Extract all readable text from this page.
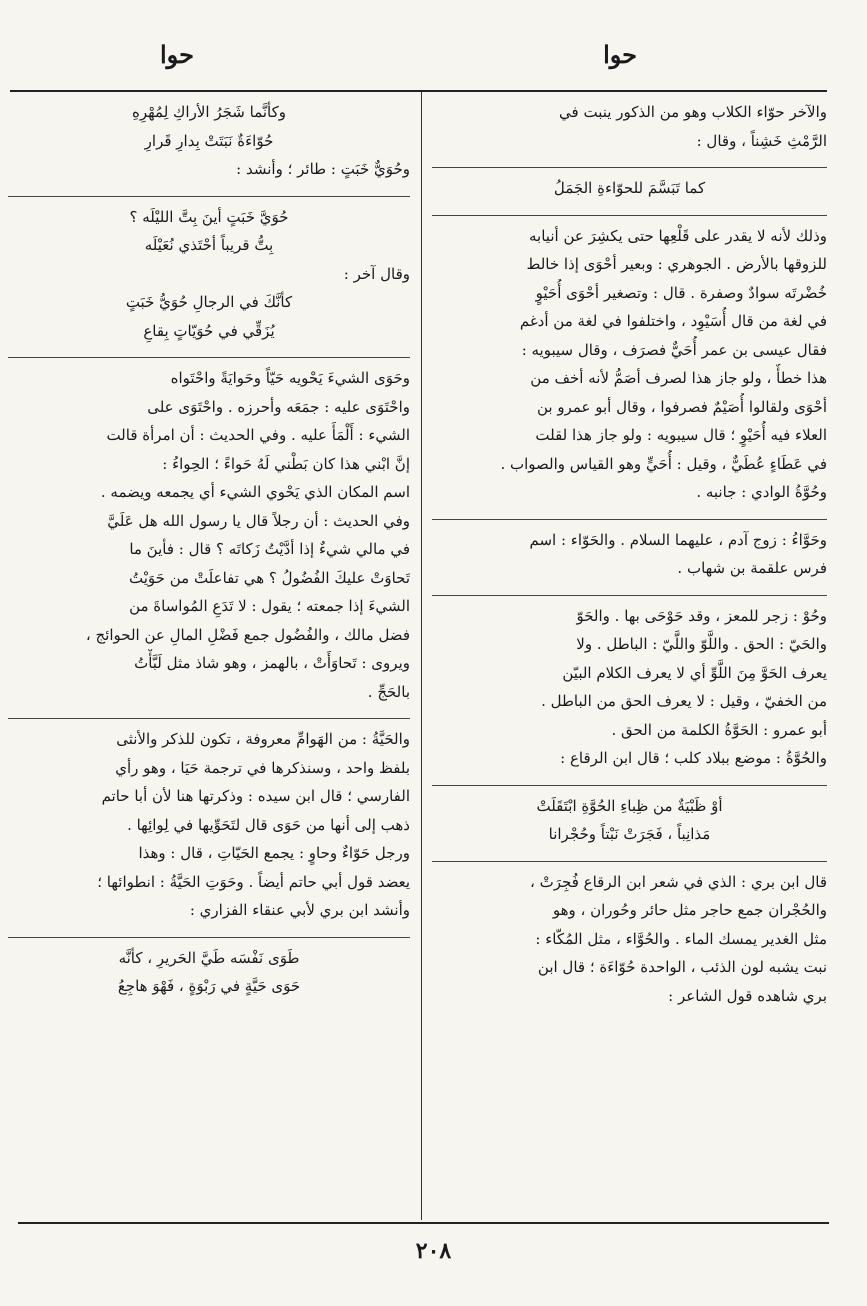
حوا
حوا
والآخر حوّاء الكلاب وهو من الذكور ينبت في
الرَّمْثِ خَشِناً ، وقال :
كما تَبَسَّمَ للحوّاءةِ الجَمَلُ
وذلك لأنه لا يقدر على قَلْعِها حتى يكشِرَ عن أنيابه
للزوقها بالأرض . الجوهري : وبعير أحْوَى إذا خالط
خُضْرتَه سوادٌ وصفرة . قال : وتصغير أحْوَى أُحَيْوٍ
في لغة من قال أُسَيْوِد ، واختلفوا في لغة من أدغم
فقال عيسى بن عمر أُحَيٌّ فصرَف ، وقال سيبويه :
هذا خطأٌ ، ولو جاز هذا لصرف أصَمُّ لأنه أخف من
أحْوَى ولقالوا أُصَيْمٌ فصرفوا ، وقال أبو عمرو بن
العلاء فيه أُحَيْوٍ ؛ قال سيبويه : ولو جاز هذا لقلت
في عَطَاءٍ عُطَيٌّ ، وقيل : أُحَيٍّ وهو القياس والصواب .
وحُوَّةُ الوادي : جانبه .
وحَوَّاءُ : زوج آدم ، عليهما السلام . والحَوّاء : اسم
فرس علقمة بن شهاب .
وحُوْ : زجر للمعز ، وقد حَوْحَى بها . والحَوّ
والحَيّ : الحق . واللَّوّ واللَّيّ : الباطل . ولا
يعرف الحَوَّ مِنَ اللَّوِّ أي لا يعرف الكلام البيّن
من الخفيّ ، وقيل : لا يعرف الحق من الباطل .
أبو عمرو : الحَوَّةُ الكلمة من الحق .
والحُوَّةُ : موضع ببلاد كلب ؛ قال ابن الرقاع :
أوْ ظَبْيَةٌ من ظِباءِ الحُوَّةِ ابْتَقَلَتْ
مَذانِباً ، فَجَرَتْ نَبْتاً وحُجْرانا
قال ابن بري : الذي في شعر ابن الرقاع فُجِرَتْ ،
والحُجْران جمع حاجر مثل حائر وحُوران ، وهو
مثل الغدير يمسك الماء . والحُوَّاء ، مثل المُكّاء :
نبت يشبه لون الذئب ، الواحدة حُوّاءَة ؛ قال ابن
بري شاهده قول الشاعر :
وكأنَّما شَجَرُ الأراكِ لِمُهْرِهِ
حُوّاءَةٌ نَبَتَتْ بِدارِ قَرارِ
وحُوَيٌّ خَبَتٍ : طائر ؛ وأنشد :
حُوَيَّ خَبَتٍ أينَ بِتَّ الليْلَه ؟
بِتُّ قريباً أحْتَذي نُعَيْلَه
وقال آخر :
كأنَّكَ في الرجالِ حُوَيُّ خَبَتٍ
يُزَقِّي في حُوَيّاتٍ بِقاعِ
وحَوَى الشيءَ يَحْويه حَيّاً وحَوايَةً واحْتَواه
واحْتَوَى عليه : جمَعَه وأحرزه . واحْتَوَى على
الشيء : أَلْمَأَ عليه . وفي الحديث : أن امرأة قالت
إنَّ ابْني هذا كان بَطْني لَهُ حَواءً ؛ الحِواءُ :
اسم المكان الذي يَحْوي الشيء أي يجمعه ويضمه .
وفي الحديث : أن رجلاً قال يا رسول الله هل عَلَيَّ
في مالي شيءٌ إذا أدَّيْتُ زَكاتَه ؟ قال : فأينَ ما
تَحاوَتْ عليكَ الفُضُولُ ؟ هي تفاعلَتْ من حَوَيْتُ
الشيءَ إذا جمعته ؛ يقول : لا تَدَعِ المُواساةَ من
فضل مالك ، والفُضُول جمع فَضْلِ المالِ عن الحوائج ،
ويروى : تَحاوَأَتْ ، بالهمز ، وهو شاذ مثل لَبَّأْتُ
بالحَجِّ .
والحَيَّةُ : من الهَوامِّ معروفة ، تكون للذكر والأنثى
بلفظ واحد ، وسنذكرها في ترجمة حَيَا ، وهو رأي
الفارسي ؛ قال ابن سيده : وذكرتها هنا لأن أبا حاتم
ذهب إلى أنها من حَوَى قال لتَحَوِّيها في لِوائِها .
ورجل حَوّاءٌ وحاوٍ : يجمع الحَيّاتِ ، قال : وهذا
يعضد قول أبي حاتم أيضاً . وحَوَتِ الحَيَّةُ : انطوائها ؛
وأنشد ابن بري لأبي عنقاء الفزاري :
طَوَى نَفْسَه طَيَّ الحَريرِ ، كأنَّه
حَوَى حَيَّةٍ في رَبْوَةٍ ، فَهْوَ هاجِعُ
٢٠٨
